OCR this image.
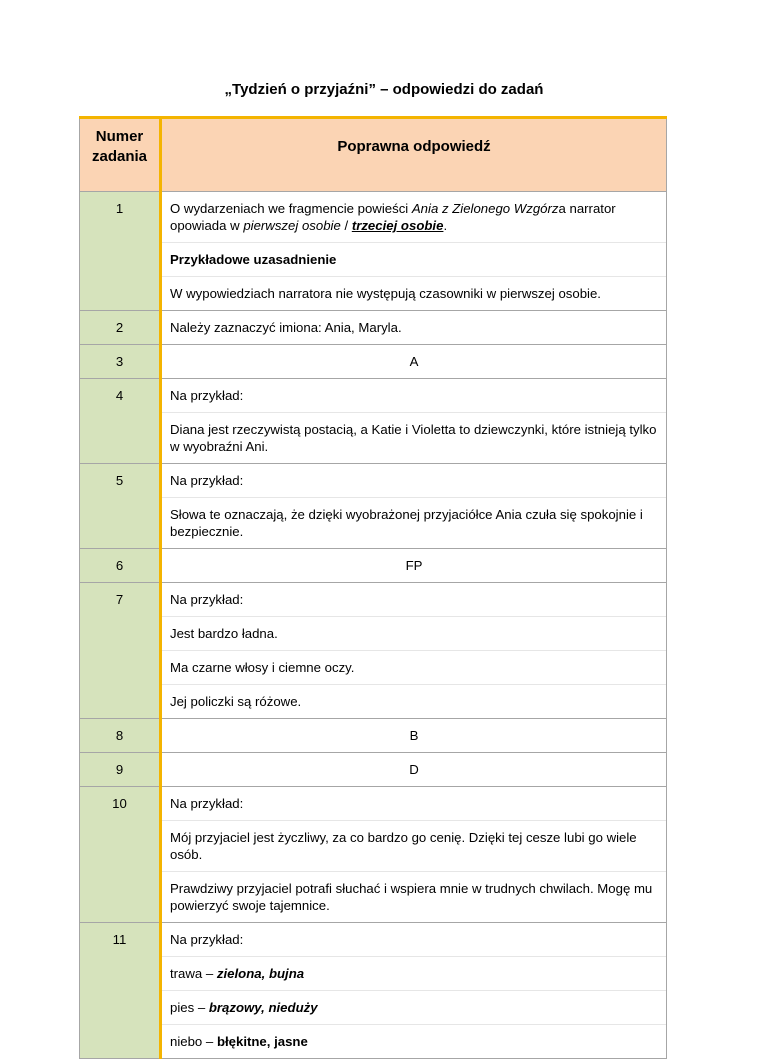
„Tydzień o przyjaźni” – odpowiedzi do zadań
Numer zadania	Poprawna odpowiedź
1	O wydarzeniach we fragmencie powieści Ania z Zielonego Wzgórza narrator opowiada w pierwszej osobie / trzeciej osobie.
Przykładowe uzasadnienie
W wypowiedziach narratora nie występują czasowniki w pierwszej osobie.

2	Należy zaznaczyć imiona: Ania, Maryla.

3	A

4	Na przykład:
Diana jest rzeczywistą postacią, a Katie i Violetta to dziewczynki, które istnieją tylko w wyobraźni Ani.

5	Na przykład:
Słowa te oznaczają, że dzięki wyobrażonej przyjaciółce Ania czuła się spokojnie i bezpiecznie.

6	FP

7	Na przykład:
Jest bardzo ładna.
Ma czarne włosy i ciemne oczy.
Jej policzki są różowe.

8	B

9	D

10	Na przykład:
Mój przyjaciel jest życzliwy, za co bardzo go cenię. Dzięki tej cesze lubi go wiele osób.
Prawdziwy przyjaciel potrafi słuchać i wspiera mnie w trudnych chwilach. Mogę mu powierzyć swoje tajemnice.

11	Na przykład:
trawa – zielona, bujna
pies – brązowy, nieduży
niebo – błękitne, jasne
